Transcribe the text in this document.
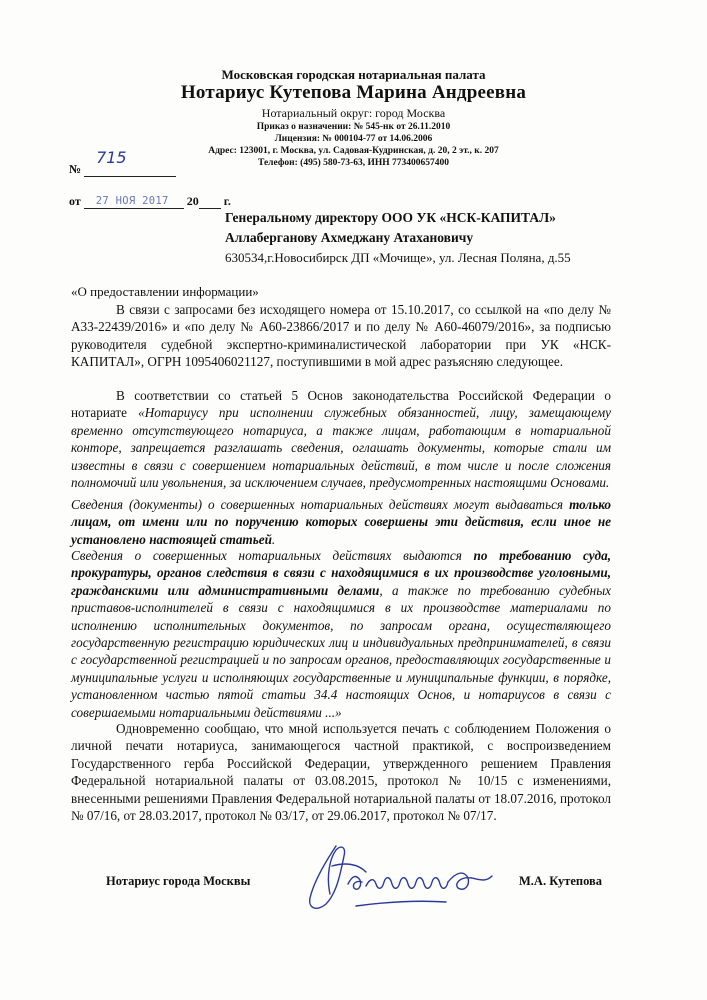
Московская городская нотариальная палата
Нотариус Кутепова Марина Андреевна
Нотариальный округ: город Москва
Приказ о назначении: № 545-нк от 26.11.2010
Лицензия: № 000104-77 от 14.06.2006
Адрес: 123001, г. Москва, ул. Садовая-Кудринская, д. 20, 2 эт., к. 207
Телефон: (495) 580-73-63, ИНН 773400657400
№
715
от 27 НОЯ 2017 20 г.
Генеральному директору ООО УК «НСК-КАПИТАЛ»
Аллаберганову Ахмеджану Атахановичу
630534,г.Новосибирск ДП «Мочище», ул. Лесная Поляна, д.55
«О предоставлении информации»
В связи с запросами без исходящего номера от 15.10.2017, со ссылкой на «по делу № А33-22439/2016» и «по делу № А60-23866/2017 и по делу № А60-46079/2016», за подписью руководителя судебной экспертно-криминалистической лаборатории при УК «НСК-КАПИТАЛ», ОГРН 1095406021127, поступившими в мой адрес разъясняю следующее.
В соответствии со статьей 5 Основ законодательства Российской Федерации о нотариате «Нотариусу при исполнении служебных обязанностей, лицу, замещающему временно отсутствующего нотариуса, а также лицам, работающим в нотариальной конторе, запрещается разглашать сведения, оглашать документы, которые стали им известны в связи с совершением нотариальных действий, в том числе и после сложения полномочий или увольнения, за исключением случаев, предусмотренных настоящими Основами.
Сведения (документы) о совершенных нотариальных действиях могут выдаваться только лицам, от имени или по поручению которых совершены эти действия, если иное не установлено настоящей статьей.
Сведения о совершенных нотариальных действиях выдаются по требованию суда, прокуратуры, органов следствия в связи с находящимися в их производстве уголовными, гражданскими или административными делами, а также по требованию судебных приставов-исполнителей в связи с находящимися в их производстве материалами по исполнению исполнительных документов, по запросам органа, осуществляющего государственную регистрацию юридических лиц и индивидуальных предпринимателей, в связи с государственной регистрацией и по запросам органов, предоставляющих государственные и муниципальные услуги и исполняющих государственные и муниципальные функции, в порядке, установленном частью пятой статьи 34.4 настоящих Основ, и нотариусов в связи с совершаемыми нотариальными действиями ...»
Одновременно сообщаю, что мной используется печать с соблюдением Положения о личной печати нотариуса, занимающегося частной практикой, с воспроизведением Государственного герба Российской Федерации, утвержденного решением Правления Федеральной нотариальной палаты от 03.08.2015, протокол № 10/15 с изменениями, внесенными решениями Правления Федеральной нотариальной палаты от 18.07.2016, протокол № 07/16, от 28.03.2017, протокол № 03/17, от 29.06.2017, протокол № 07/17.
Нотариус города Москвы	М.А. Кутепова
